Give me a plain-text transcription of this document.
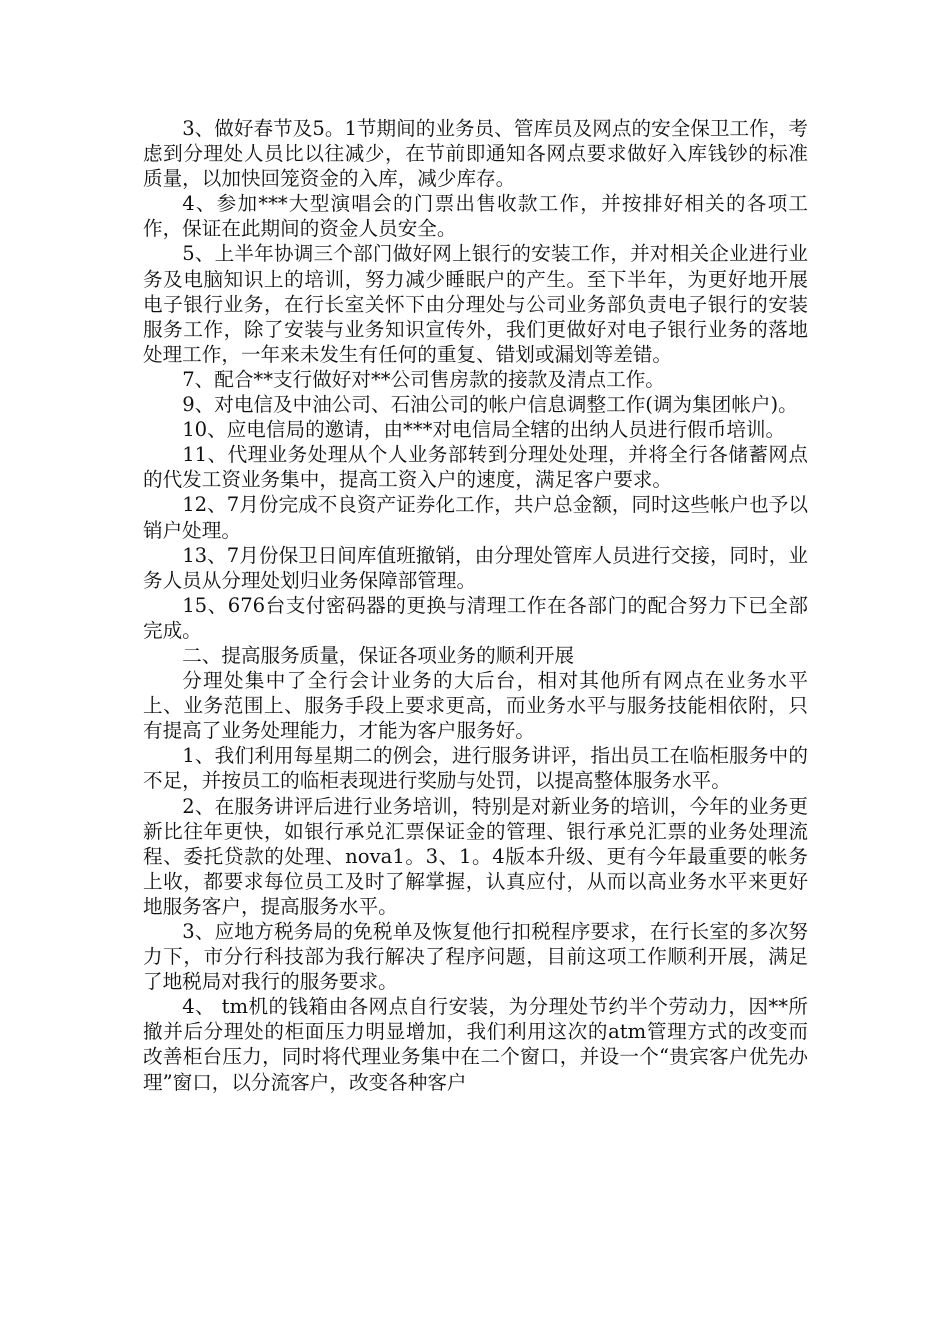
3、做好春节及5。1节期间的业务员、管库员及网点的安全保卫工作，考虑到分理处人员比以往减少，在节前即通知各网点要求做好入库钱钞的标准质量，以加快回笼资金的入库，减少库存。

4、参加***大型演唱会的门票出售收款工作，并按排好相关的各项工作，保证在此期间的资金人员安全。

5、上半年协调三个部门做好网上银行的安装工作，并对相关企业进行业务及电脑知识上的培训，努力减少睡眠户的产生。至下半年，为更好地开展电子银行业务，在行长室关怀下由分理处与公司业务部负责电子银行的安装服务工作，除了安装与业务知识宣传外，我们更做好对电子银行业务的落地处理工作，一年来未发生有任何的重复、错划或漏划等差错。

7、配合**支行做好对**公司售房款的接款及清点工作。

9、对电信及中油公司、石油公司的帐户信息调整工作(调为集团帐户)。

10、应电信局的邀请，由***对电信局全辖的出纳人员进行假币培训。

11、代理业务处理从个人业务部转到分理处处理，并将全行各储蓄网点的代发工资业务集中，提高工资入户的速度，满足客户要求。

12、7月份完成不良资产证券化工作，共户总金额，同时这些帐户也予以销户处理。

13、7月份保卫日间库值班撤销，由分理处管库人员进行交接，同时，业务人员从分理处划归业务保障部管理。

15、676台支付密码器的更换与清理工作在各部门的配合努力下已全部完成。

二、提高服务质量，保证各项业务的顺利开展

分理处集中了全行会计业务的大后台，相对其他所有网点在业务水平上、业务范围上、服务手段上要求更高，而业务水平与服务技能相依附，只有提高了业务处理能力，才能为客户服务好。

1、我们利用每星期二的例会，进行服务讲评，指出员工在临柜服务中的不足，并按员工的临柜表现进行奖励与处罚，以提高整体服务水平。

2、在服务讲评后进行业务培训，特别是对新业务的培训，今年的业务更新比往年更快，如银行承兑汇票保证金的管理、银行承兑汇票的业务处理流程、委托贷款的处理、nova1。3、1。4版本升级、更有今年最重要的帐务上收，都要求每位员工及时了解掌握，认真应付，从而以高业务水平来更好地服务客户，提高服务水平。

3、应地方税务局的免税单及恢复他行扣税程序要求，在行长室的多次努力下，市分行科技部为我行解决了程序问题，目前这项工作顺利开展，满足了地税局对我行的服务要求。

4、 tm机的钱箱由各网点自行安装，为分理处节约半个劳动力，因**所撤并后分理处的柜面压力明显增加，我们利用这次的atm管理方式的改变而改善柜台压力，同时将代理业务集中在二个窗口，并设一个“贵宾客户优先办理”窗口，以分流客户，改变各种客户
